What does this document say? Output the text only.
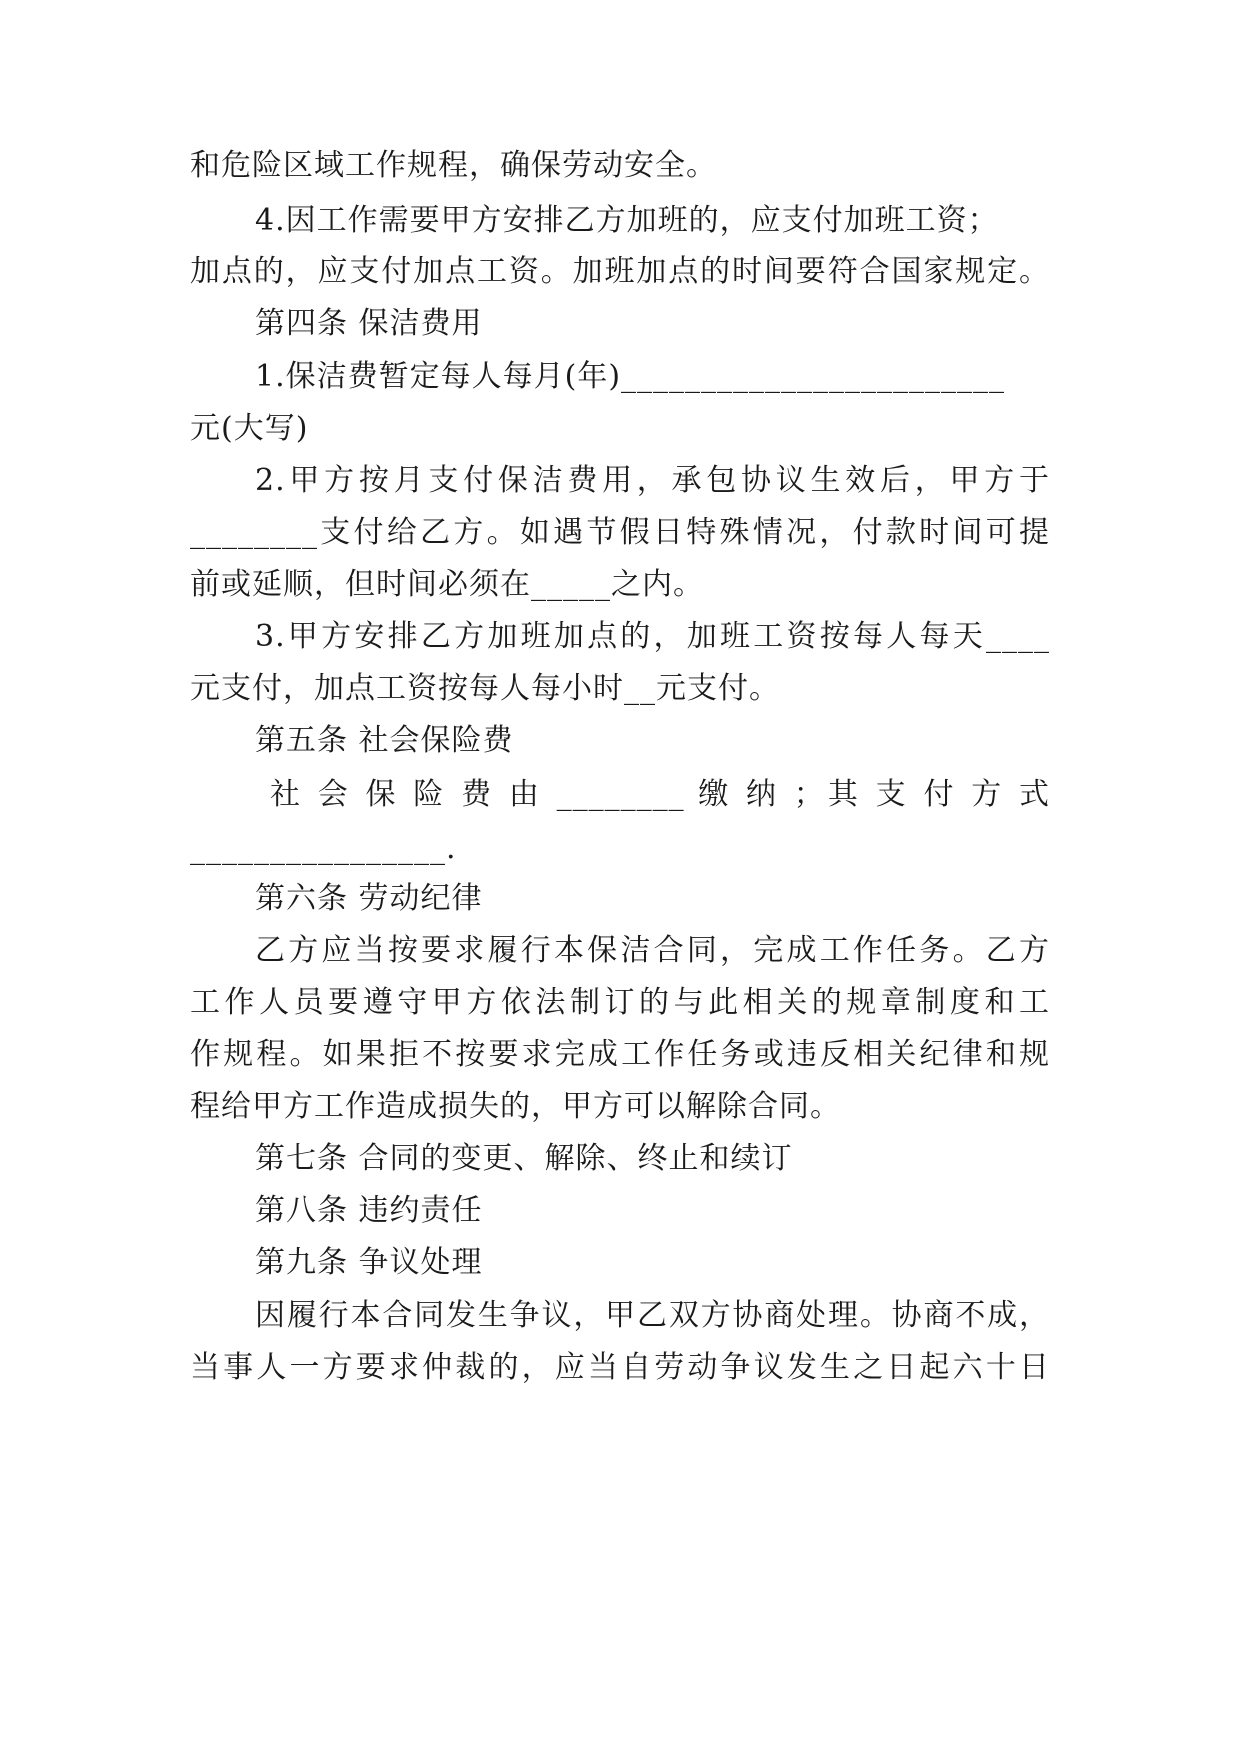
和危险区域工作规程，确保劳动安全。
4.因工作需要甲方安排乙方加班的，应支付加班工资；
加点的，应支付加点工资。加班加点的时间要符合国家规定。
第四条 保洁费用
1.保洁费暂定每人每月(年)________________________
元(大写)
2.甲方按月支付保洁费用，承包协议生效后，甲方于
________支付给乙方。如遇节假日特殊情况，付款时间可提
前或延顺，但时间必须在_____之内。
3.甲方安排乙方加班加点的，加班工资按每人每天____
元支付，加点工资按每人每小时__元支付。
第五条 社会保险费
社 会 保 险 费 由 ________ 缴 纳 ；其 支 付 方 式
________________.
第六条 劳动纪律
乙方应当按要求履行本保洁合同，完成工作任务。乙方
工作人员要遵守甲方依法制订的与此相关的规章制度和工
作规程。如果拒不按要求完成工作任务或违反相关纪律和规
程给甲方工作造成损失的，甲方可以解除合同。
第七条 合同的变更、解除、终止和续订
第八条 违约责任
第九条 争议处理
因履行本合同发生争议，甲乙双方协商处理。协商不成，
当事人一方要求仲裁的，应当自劳动争议发生之日起六十日
